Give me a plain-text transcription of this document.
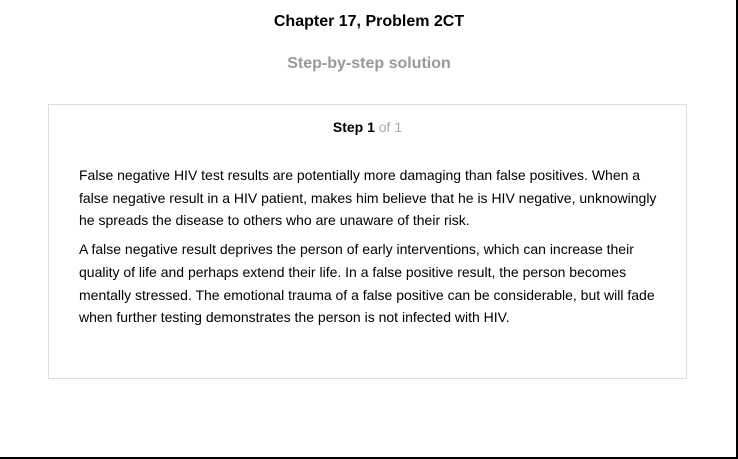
Chapter 17, Problem 2CT
Step-by-step solution
Step 1 of 1

False negative HIV test results are potentially more damaging than false positives. When a false negative result in a HIV patient, makes him believe that he is HIV negative, unknowingly he spreads the disease to others who are unaware of their risk.

A false negative result deprives the person of early interventions, which can increase their quality of life and perhaps extend their life. In a false positive result, the person becomes mentally stressed. The emotional trauma of a false positive can be considerable, but will fade when further testing demonstrates the person is not infected with HIV.
